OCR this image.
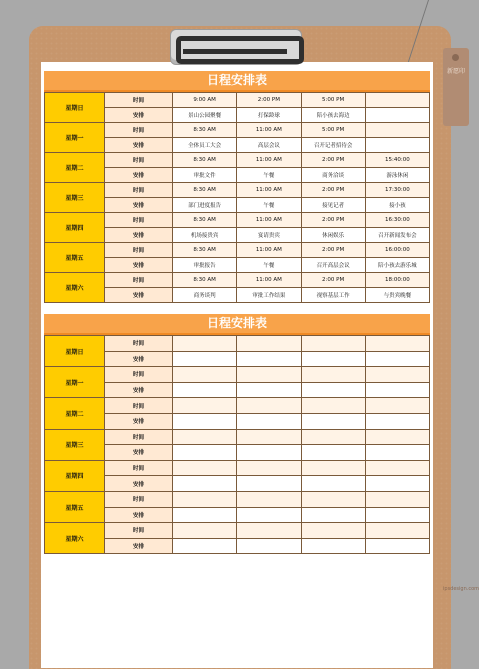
新愿印
日程安排表
星期日	时间	9:00 AM	2:00 PM	5:00 PM	
	安排	景山公园聚餐	打保龄球	陪小孩去海边	
星期一	时间	8:30 AM	11:00 AM	5:00 PM	
	安排	全体员工大会	高层会议	召开记者招待会	
星期二	时间	8:30 AM	11:00 AM	2:00 PM	15:40:00
	安排	审批文件	午餐	商务洽谈	游泳休闲
星期三	时间	8:30 AM	11:00 AM	2:00 PM	17:30:00
	安排	部门进度报告	午餐	接见记者	接小孩
星期四	时间	8:30 AM	11:00 AM	2:00 PM	16:30:00
	安排	机场接贵宾	宴请贵宾	休闲娱乐	召开新闻发布会
星期五	时间	8:30 AM	11:00 AM	2:00 PM	16:00:00
	安排	审批报告	午餐	召开高层会议	陪小孩去游乐城
星期六	时间	8:30 AM	11:00 AM	2:00 PM	18:00:00
	安排	商务谈判	审批工作结果	视察基层工作	与贵宾晚餐
日程安排表
星期日	时间				
	安排				
星期一	时间				
	安排				
星期二	时间				
	安排				
星期三	时间				
	安排				
星期四	时间				
	安排				
星期五	时间				
	安排				
星期六	时间				
	安排				
ipsdesign.com
